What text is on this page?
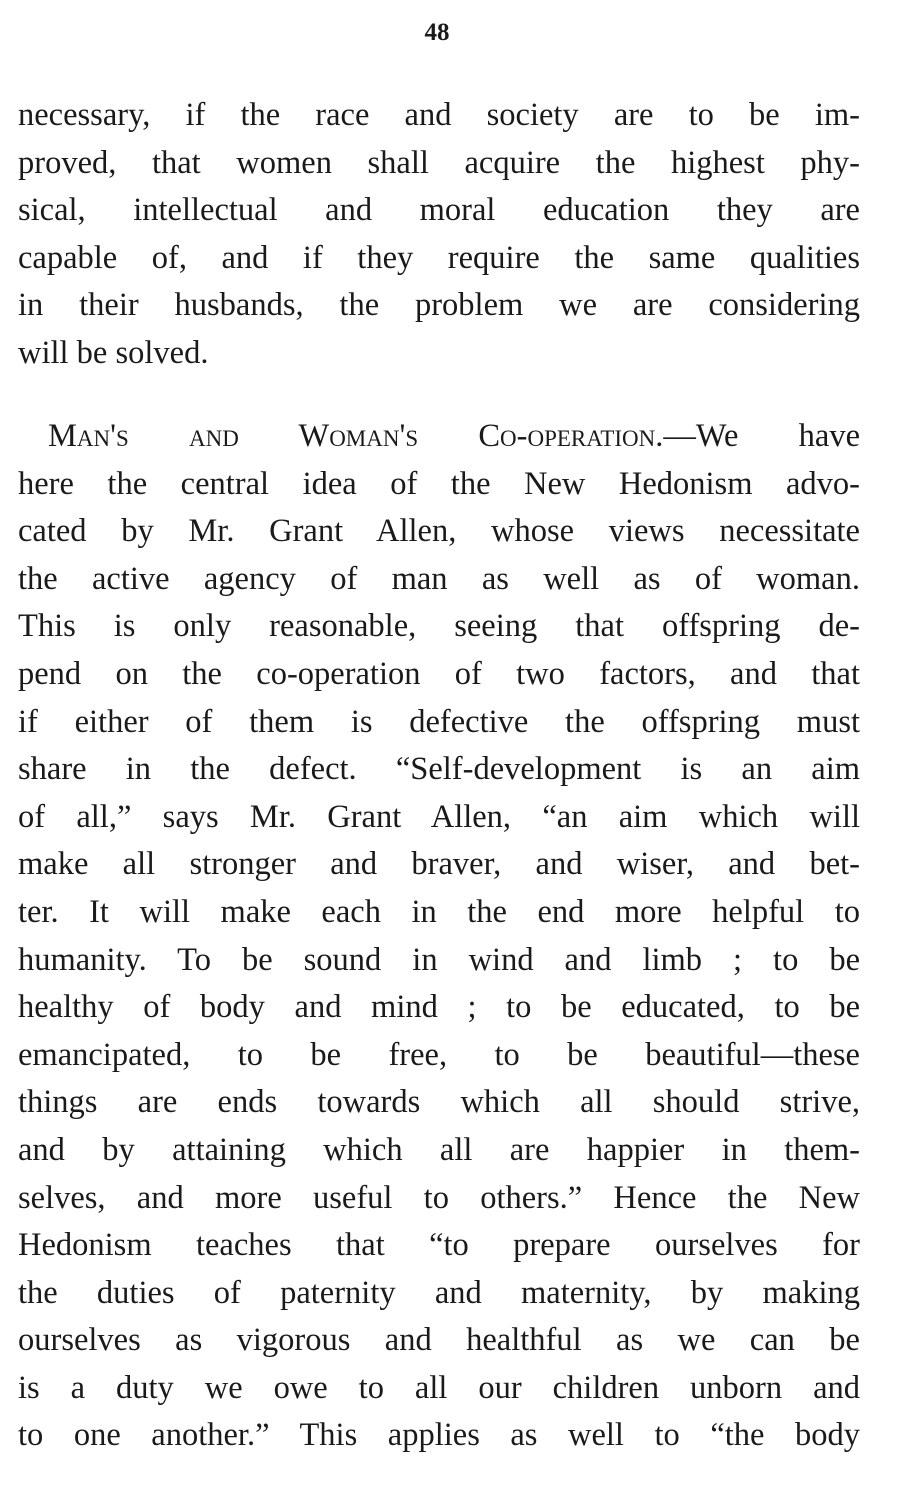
48
necessary, if the race and society are to be im-
proved, that women shall acquire the highest phy-
sical, intellectual and moral education they are
capable of, and if they require the same qualities
in their husbands, the problem we are considering
will be solved.
Man's and Woman's Co-operation.—We have
here the central idea of the New Hedonism advo-
cated by Mr. Grant Allen, whose views necessitate
the active agency of man as well as of woman.
This is only reasonable, seeing that offspring de-
pend on the co-operation of two factors, and that
if either of them is defective the offspring must
share in the defect. “Self-development is an aim
of all,” says Mr. Grant Allen, “an aim which will
make all stronger and braver, and wiser, and bet-
ter. It will make each in the end more helpful to
humanity. To be sound in wind and limb ; to be
healthy of body and mind ; to be educated, to be
emancipated, to be free, to be beautiful—these
things are ends towards which all should strive,
and by attaining which all are happier in them-
selves, and more useful to others.” Hence the New
Hedonism teaches that “to prepare ourselves for
the duties of paternity and maternity, by making
ourselves as vigorous and healthful as we can be
is a duty we owe to all our children unborn and
to one another.” This applies as well to “the body
